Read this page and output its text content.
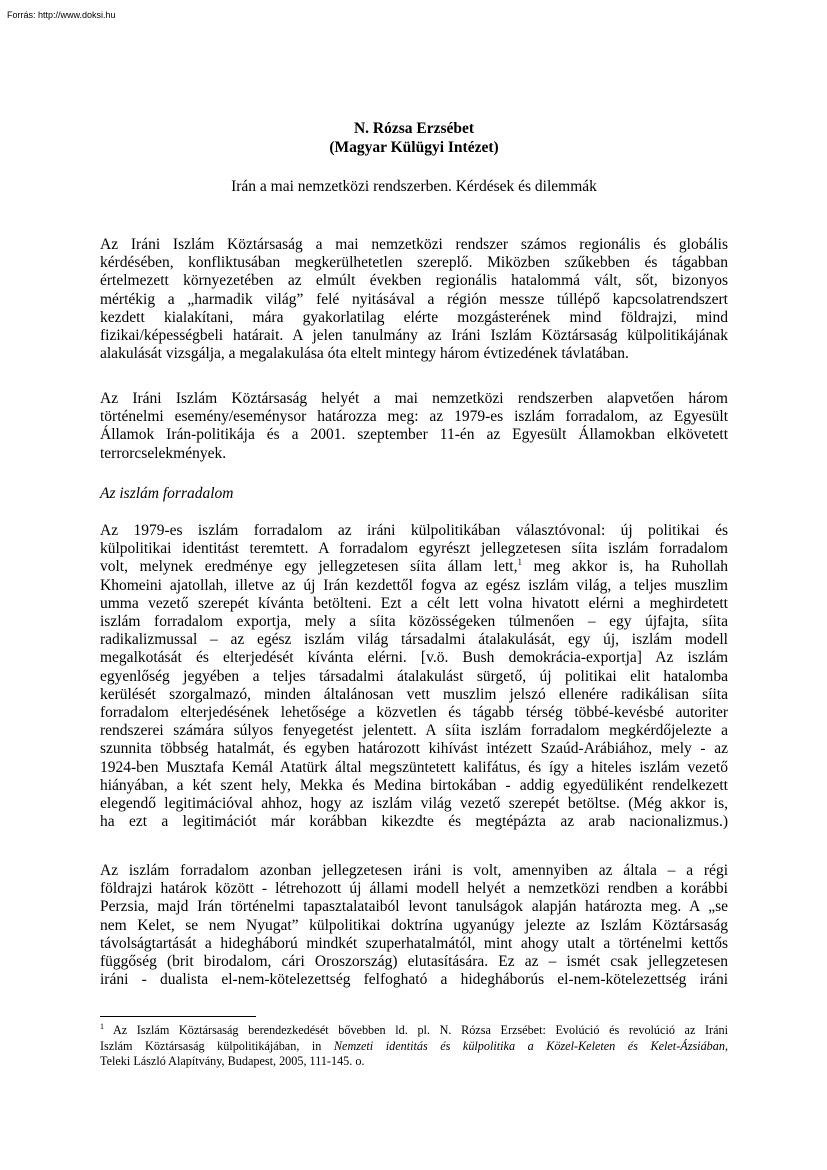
Forrás: http://www.doksi.hu
N. Rózsa Erzsébet
(Magyar Külügyi Intézet)
Irán a mai nemzetközi rendszerben. Kérdések és dilemmák
Az Iráni Iszlám Köztársaság a mai nemzetközi rendszer számos regionális és globális
kérdésében, konfliktusában megkerülhetetlen szereplő. Miközben szűkebben és tágabban
értelmezett környezetében az elmúlt években regionális hatalommá vált, sőt, bizonyos
mértékig a „harmadik világ” felé nyitásával a régión messze túllépő kapcsolatrendszert
kezdett kialakítani, mára gyakorlatilag elérte mozgásterének mind földrajzi, mind
fizikai/képességbeli határait. A jelen tanulmány az Iráni Iszlám Köztársaság külpolitikájának
alakulását vizsgálja, a megalakulása óta eltelt mintegy három évtizedének távlatában.
Az Iráni Iszlám Köztársaság helyét a mai nemzetközi rendszerben alapvetően három
történelmi esemény/eseménysor határozza meg: az 1979-es iszlám forradalom, az Egyesült
Államok Irán-politikája és a 2001. szeptember 11-én az Egyesült Államokban elkövetett
terrorcselekmények.
Az iszlám forradalom
Az 1979-es iszlám forradalom az iráni külpolitikában választóvonal: új politikai és
külpolitikai identitást teremtett. A forradalom egyrészt jellegzetesen síita iszlám forradalom
volt, melynek eredménye egy jellegzetesen síita állam lett,$^1$ meg akkor is, ha Ruhollah
Khomeini ajatollah, illetve az új Irán kezdettől fogva az egész iszlám világ, a teljes muszlim
umma vezető szerepét kívánta betölteni. Ezt a célt lett volna hivatott elérni a meghirdetett
iszlám forradalom exportja, mely a síita közösségeken túlmenően – egy újfajta, síita
radikalizmussal – az egész iszlám világ társadalmi átalakulását, egy új, iszlám modell
megalkotását és elterjedését kívánta elérni. [v.ö. Bush demokrácia-exportja] Az iszlám
egyenlőség jegyében a teljes társadalmi átalakulást sürgető, új politikai elit hatalomba
kerülését szorgalmazó, minden általánosan vett muszlim jelszó ellenére radikálisan síita
forradalom elterjedésének lehetősége a közvetlen és tágabb térség többé-kevésbé autoriter
rendszerei számára súlyos fenyegetést jelentett. A síita iszlám forradalom megkérdőjelezte a
szunnita többség hatalmát, és egyben határozott kihívást intézett Szaúd-Arábiához, mely - az
1924-ben Musztafa Kemál Atatürk által megszüntetett kalifátus, és így a hiteles iszlám vezető
hiányában, a két szent hely, Mekka és Medina birtokában - addig egyedüliként rendelkezett
elegendő legitimációval ahhoz, hogy az iszlám világ vezető szerepét betöltse. (Még akkor is,
ha ezt a legitimációt már korábban kikezdte és megtépázta az arab nacionalizmus.)
Az iszlám forradalom azonban jellegzetesen iráni is volt, amennyiben az általa – a régi
földrajzi határok között - létrehozott új állami modell helyét a nemzetközi rendben a korábbi
Perzsia, majd Irán történelmi tapasztalataiból levont tanulságok alapján határozta meg. A „se
nem Kelet, se nem Nyugat” külpolitikai doktrína ugyanúgy jelezte az Iszlám Köztársaság
távolságtartását a hidegháború mindkét szuperhatalmától, mint ahogy utalt a történelmi kettős
függőség (brit birodalom, cári Oroszország) elutasítására. Ez az – ismét csak jellegzetesen
iráni - dualista el-nem-kötelezettség felfogható a hidegháborús el-nem-kötelezettség iráni
$^1$ Az Iszlám Köztársaság berendezkedését bővebben ld. pl. N. Rózsa Erzsébet: Evolúció és revolúció az Iráni
Iszlám Köztársaság külpolitikájában, in Nemzeti identitás és külpolitika a Közel-Keleten és Kelet-Ázsiában,
Teleki László Alapítvány, Budapest, 2005, 111-145. o.
